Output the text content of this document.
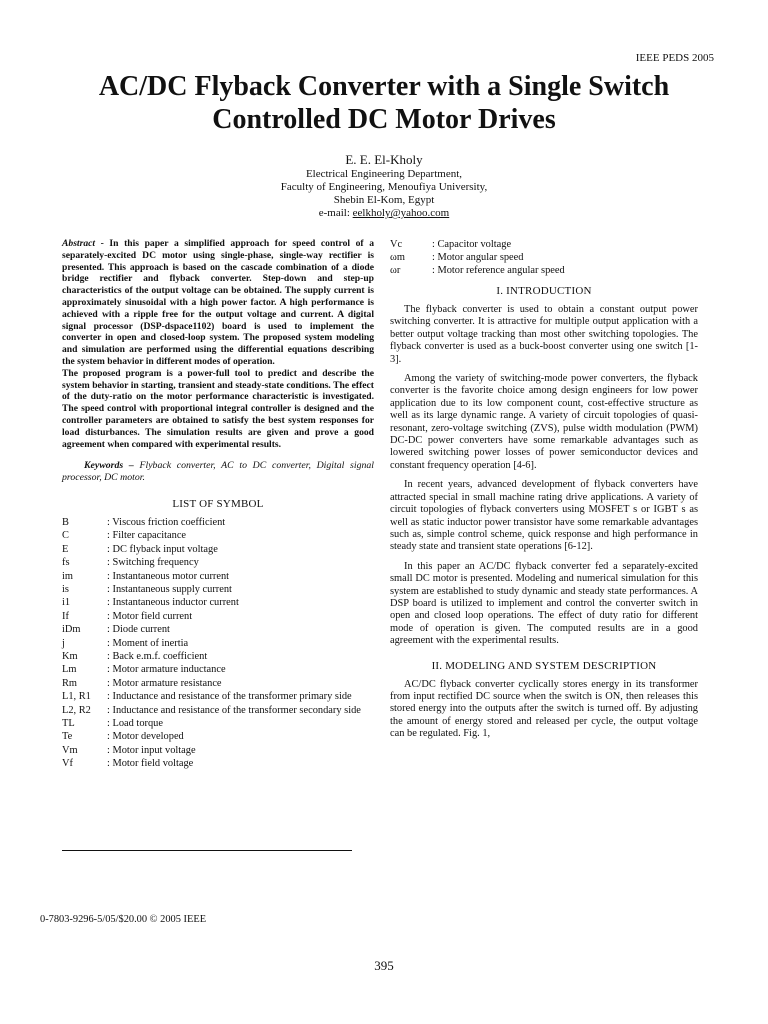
IEEE PEDS 2005
AC/DC Flyback Converter with a Single Switch
Controlled DC Motor Drives
E. E. El-Kholy
Electrical Engineering Department,
Faculty of Engineering, Menoufiya University,
Shebin El-Kom, Egypt
e-mail: eelkholy@yahoo.com

Abstract - In this paper a simplified approach for speed control of a separately-excited DC motor using single-phase, single-way rectifier is presented. This approach is based on the cascade combination of a diode bridge rectifier and flyback converter. Step-down and step-up characteristics of the output voltage can be obtained. The supply current is approximately sinusoidal with a high power factor. A high performance is achieved with a ripple free for the output voltage and current. A digital signal processor (DSP-dspace1102) board is used to implement the converter in open and closed-loop system. The proposed system modeling and simulation are performed using the differential equations describing the system behavior in different modes of operation.

The proposed program is a power-full tool to predict and describe the system behavior in starting, transient and steady-state conditions. The effect of the duty-ratio on the motor performance characteristic is investigated. The speed control with proportional integral controller is designed and the controller parameters are obtained to satisfy the best system responses for load disturbances. The simulation results are given and prove a good agreement when compared with experimental results.

Keywords – Flyback converter, AC to DC converter, Digital signal processor, DC motor.

LIST OF SYMBOL
B	: Viscous friction coefficient
C	: Filter capacitance
E	: DC flyback input voltage
fs	: Switching frequency
im	: Instantaneous motor current
is	: Instantaneous supply current
i1	: Instantaneous inductor current
If	: Motor field current
iDm	: Diode current
j	: Moment of inertia
Km	: Back e.m.f. coefficient
Lm	: Motor armature inductance
Rm	: Motor armature resistance
L1, R1	: Inductance and resistance of the transformer primary side
L2, R2	: Inductance and resistance of the transformer secondary side
TL	: Load torque
Te	: Motor developed
Vm	: Motor input voltage
Vf	: Motor field voltage
Vc	: Capacitor voltage
ωm	: Motor angular speed
ωr	: Motor reference angular speed
I. INTRODUCTION

The flyback converter is used to obtain a constant output power switching converter. It is attractive for multiple output application with a better output voltage tracking than most other switching topologies. The flyback converter is used as a buck-boost converter using one switch [1-3].

Among the variety of switching-mode power converters, the flyback converter is the favorite choice among design engineers for low power application due to its low component count, cost-effective structure as well as its large dynamic range. A variety of circuit topologies of quasi-resonant, zero-voltage switching (ZVS), pulse width modulation (PWM) DC-DC power converters have some remarkable advantages such as lowered switching power losses of power semiconductor devices and constant frequency operation [4-6].

In recent years, advanced development of flyback converters have attracted special in small machine rating drive applications. A variety of circuit topologies of flyback converters using MOSFET s or IGBT s as well as static inductor power transistor have some remarkable advantages such as, simple control scheme, quick response and high performance in steady state and transient state operations [6-12].

In this paper an AC/DC flyback converter fed a separately-excited small DC motor is presented. Modeling and numerical simulation for this system are established to study dynamic and steady state performances. A DSP board is utilized to implement and control the converter switch in open and closed loop operations. The effect of duty ratio for different mode of operation is given. The computed results are in a good agreement with the experimental results.

II. MODELING AND SYSTEM DESCRIPTION

AC/DC flyback converter cyclically stores energy in its transformer from input rectified DC source when the switch is ON, then releases this stored energy into the outputs after the switch is turned off. By adjusting the amount of energy stored and released per cycle, the output voltage can be regulated. Fig. 1,

0-7803-9296-5/05/$20.00 © 2005 IEEE
395
